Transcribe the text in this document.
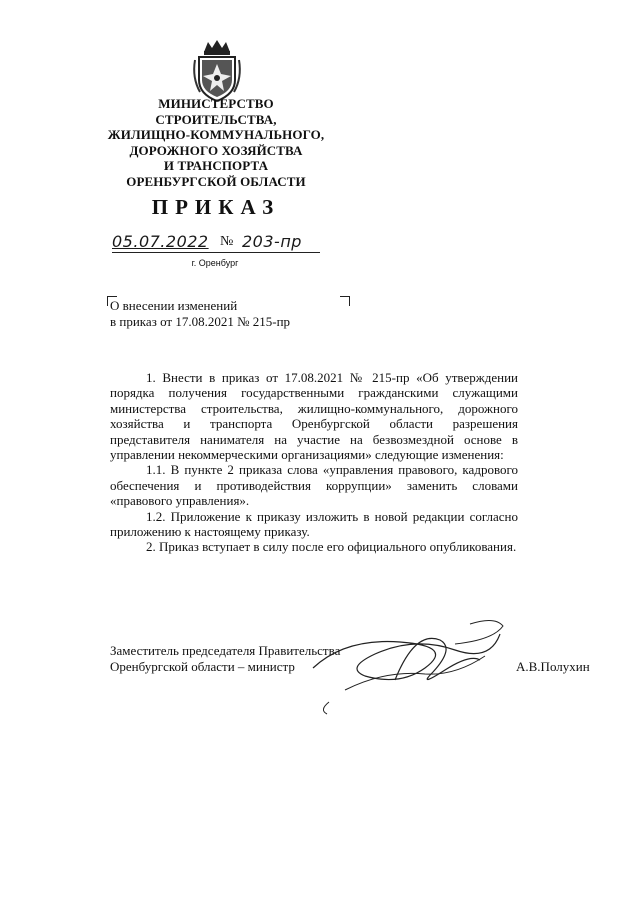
МИНИСТЕРСТВО
СТРОИТЕЛЬСТВА,
ЖИЛИЩНО-КОММУНАЛЬНОГО,
ДОРОЖНОГО ХОЗЯЙСТВА
И ТРАНСПОРТА
ОРЕНБУРГСКОЙ ОБЛАСТИ
ПРИКАЗ
05.07.2022 № 203-пр
г. Оренбург
О внесении изменений
в приказ от 17.08.2021 № 215-пр

1. Внести в приказ от 17.08.2021 № 215-пр «Об утверждении порядка получения государственными гражданскими служащими министерства строительства, жилищно-коммунального, дорожного хозяйства и транспорта Оренбургской области разрешения представителя нанимателя на участие на безвозмездной основе в управлении некоммерческими организациями» следующие изменения:

1.1. В пункте 2 приказа слова «управления правового, кадрового обеспечения и противодействия коррупции» заменить словами «правового управления».

1.2. Приложение к приказу изложить в новой редакции согласно приложению к настоящему приказу.

2. Приказ вступает в силу после его официального опубликования.

Заместитель председателя Правительства
Оренбургской области – министр	А.В.Полухин
